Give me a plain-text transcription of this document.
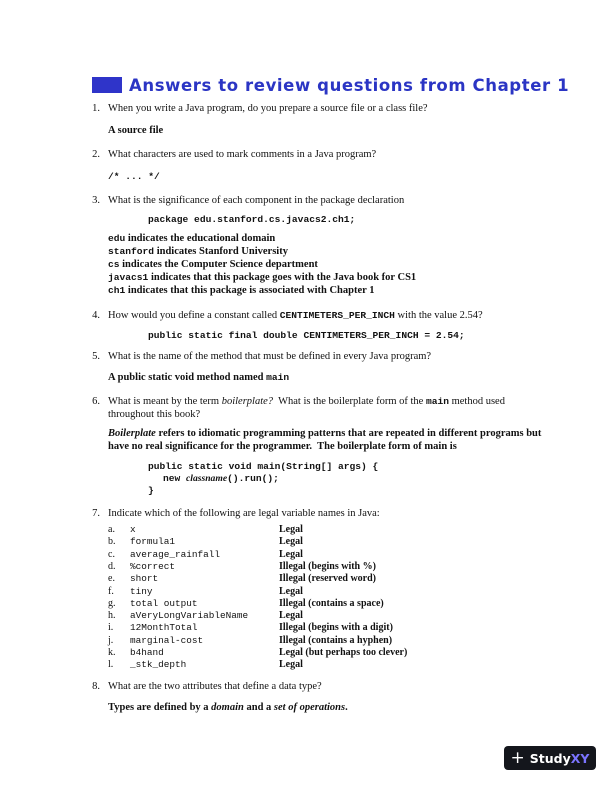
Answers to review questions from Chapter 1
1. When you write a Java program, do you prepare a source file or a class file?
A source file
2. What characters are used to mark comments in a Java program?
/* ... */
3. What is the significance of each component in the package declaration
package edu.stanford.cs.javacs2.ch1;
edu indicates the educational domain
stanford indicates Stanford University
cs indicates the Computer Science department
javacs1 indicates that this package goes with the Java book for CS1
ch1 indicates that this package is associated with Chapter 1
4. How would you define a constant called CENTIMETERS_PER_INCH with the value 2.54?
public static final double CENTIMETERS_PER_INCH = 2.54;
5. What is the name of the method that must be defined in every Java program?
A public static void method named main
6. What is meant by the term boilerplate?  What is the boilerplate form of the main method used
throughout this book?
Boilerplate refers to idiomatic programming patterns that are repeated in different programs but
have no real significance for the programmer.  The boilerplate form of main is
public static void main(String[] args) {
new classname().run();
}
7. Indicate which of the following are legal variable names in Java:
a. x	Legal
b. formula1	Legal
c. average_rainfall	Legal
d. %correct	Illegal (begins with %)
e. short	Illegal (reserved word)
f. tiny	Legal
g. total output	Illegal (contains a space)
h. aVeryLongVariableName	Legal
i. 12MonthTotal	Illegal (begins with a digit)
j. marginal-cost	Illegal (contains a hyphen)
k. b4hand	Legal (but perhaps too clever)
l. _stk_depth	Legal
8. What are the two attributes that define a data type?
Types are defined by a domain and a set of operations.
+ Study XY
